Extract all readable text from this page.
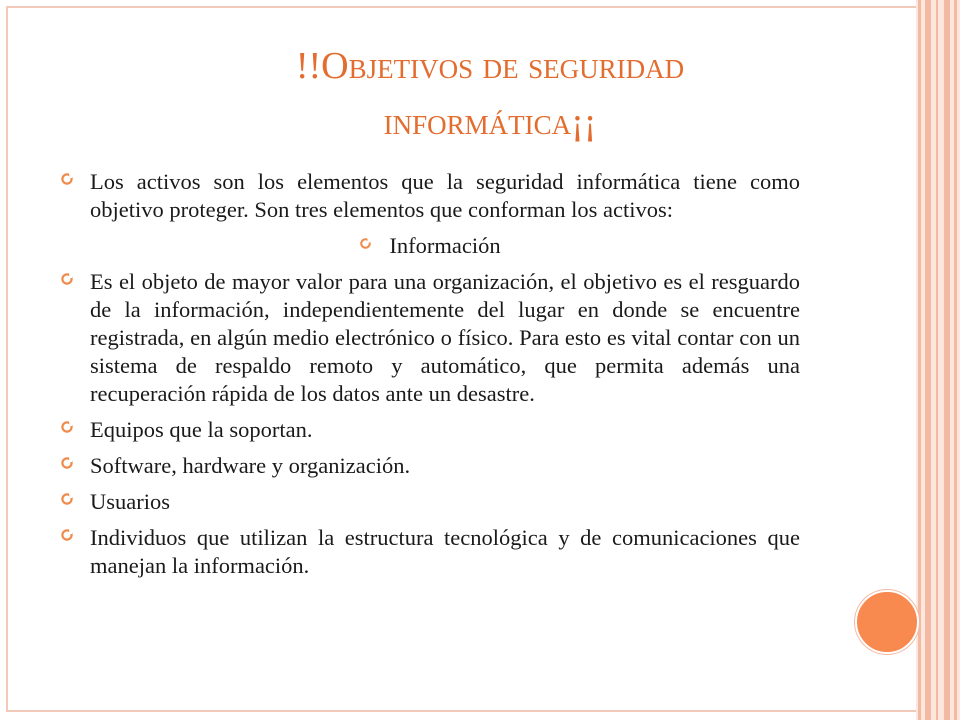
!!Objetivos de seguridad
informática¡¡
Los activos son los elementos que la seguridad informática tiene como objetivo proteger. Son tres elementos que conforman los activos:
Información
Es el objeto de mayor valor para una organización, el objetivo es el resguardo de la información, independientemente del lugar en donde se encuentre registrada, en algún medio electrónico o físico. Para esto es vital contar con un sistema de respaldo remoto y automático, que permita además una recuperación rápida de los datos ante un desastre.
Equipos que la soportan.
Software, hardware y organización.
Usuarios
Individuos que utilizan la estructura tecnológica y de comunicaciones que manejan la información.
